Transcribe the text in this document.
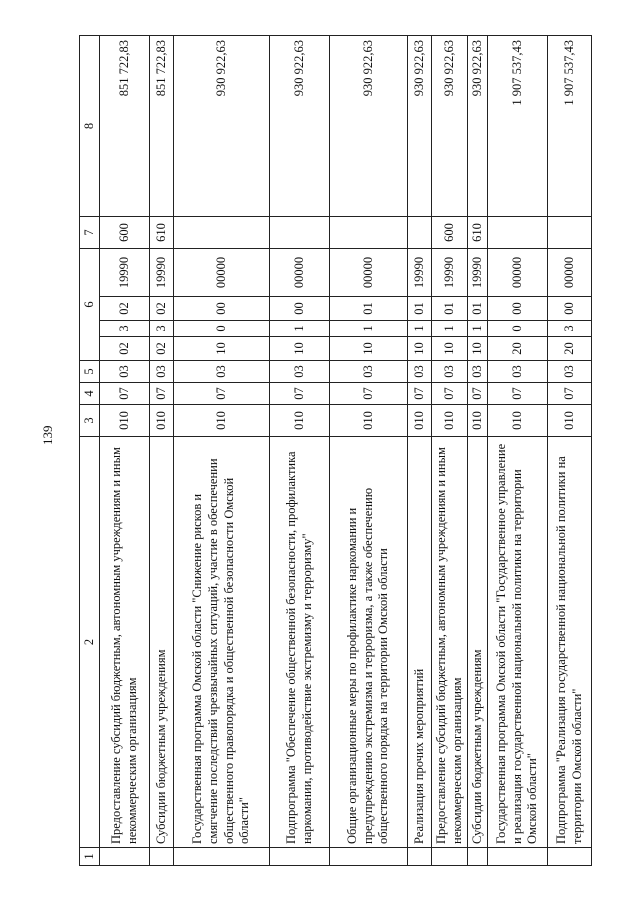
139
1	2	3	4	5	6				7	8
	Предоставление субсидий бюджетным, автономным учреждениям и иным некоммерческим организациям	010	07	03	02	3	02	19990	600	851 722,83
	Субсидии бюджетным учреждениям	010	07	03	02	3	02	19990	610	851 722,83
	Государственная программа Омской области "Снижение рисков и смягчение последствий чрезвычайных ситуаций, участие в обеспечении общественного правопорядка и общественной безопасности Омской области"	010	07	03	10	0	00	00000		930 922,63
	Подпрограмма "Обеспечение общественной безопасности, профилактика наркомании, противодействие экстремизму и терроризму"	010	07	03	10	1	00	00000		930 922,63
	Общие организационные меры по профилактике наркомании и предупреждению экстремизма и терроризма, а также обеспечению общественного порядка на территории Омской области	010	07	03	10	1	01	00000		930 922,63
	Реализация прочих мероприятий	010	07	03	10	1	01	19990		930 922,63
	Предоставление субсидий бюджетным, автономным учреждениям и иным некоммерческим организациям	010	07	03	10	1	01	19990	600	930 922,63
	Субсидии бюджетным учреждениям	010	07	03	10	1	01	19990	610	930 922,63
	Государственная программа Омской области "Государственное управление и реализация государственной национальной политики на территории Омской области"	010	07	03	20	0	00	00000		1 907 537,43
	Подпрограмма "Реализация государственной национальной политики на территории Омской области"	010	07	03	20	3	00	00000		1 907 537,43
